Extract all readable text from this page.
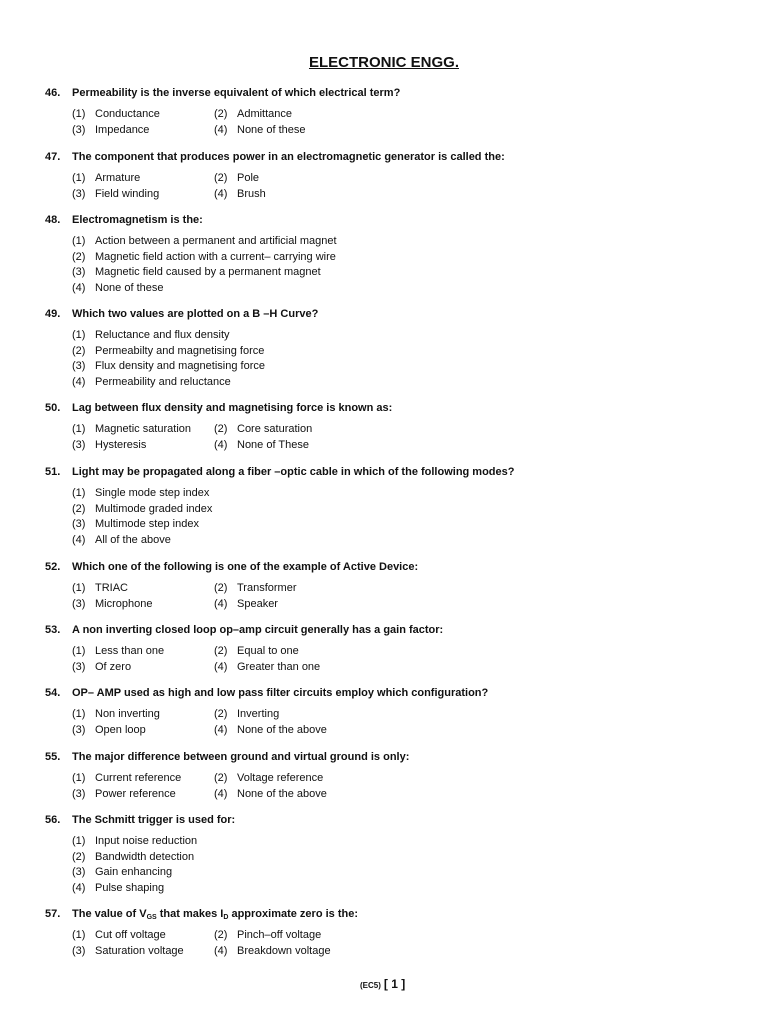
ELECTRONIC ENGG.
46. Permeability is the inverse equivalent of which electrical term?
(1) Conductance	(2) Admittance
(3) Impedance	(4) None of these
47. The component that produces power in an electromagnetic generator is called the:
(1) Armature	(2) Pole
(3) Field winding	(4) Brush
48. Electromagnetism is the:
(1) Action between a permanent and artificial magnet
(2) Magnetic field action with a current– carrying wire
(3) Magnetic field caused by a permanent magnet
(4) None of these
49. Which two values are plotted on a B –H Curve?
(1) Reluctance and flux density
(2) Permeabilty and magnetising force
(3) Flux density and magnetising force
(4) Permeability and reluctance
50. Lag between flux density and magnetising force is known as:
(1) Magnetic saturation (2) Core saturation
(3) Hysteresis	(4) None of These
51. Light may be propagated along a fiber –optic cable in which of the following modes?
(1) Single mode step index
(2) Multimode graded index
(3) Multimode step index
(4) All of the above
52. Which one of the following is one of the example of Active Device:
(1) TRIAC	(2) Transformer
(3) Microphone	(4) Speaker
53. A non inverting closed loop op–amp circuit generally has a gain factor:
(1) Less than one	(2) Equal to one
(3) Of zero	(4) Greater than one
54. OP– AMP used as high and low pass filter circuits employ which configuration?
(1) Non inverting	(2) Inverting
(3) Open loop	(4) None of the above
55. The major difference between ground and virtual ground is only:
(1) Current reference	(2) Voltage reference
(3) Power reference	(4) None of the above
56. The Schmitt trigger is used for:
(1) Input noise reduction
(2) Bandwidth detection
(3) Gain enhancing
(4) Pulse shaping
57. The value of $V_{GS}$ that makes $I_D$ approximate zero is the:
(1) Cut off voltage	(2) Pinch–off voltage
(3) Saturation voltage	(4) Breakdown voltage
(EC5) [ 1 ]
